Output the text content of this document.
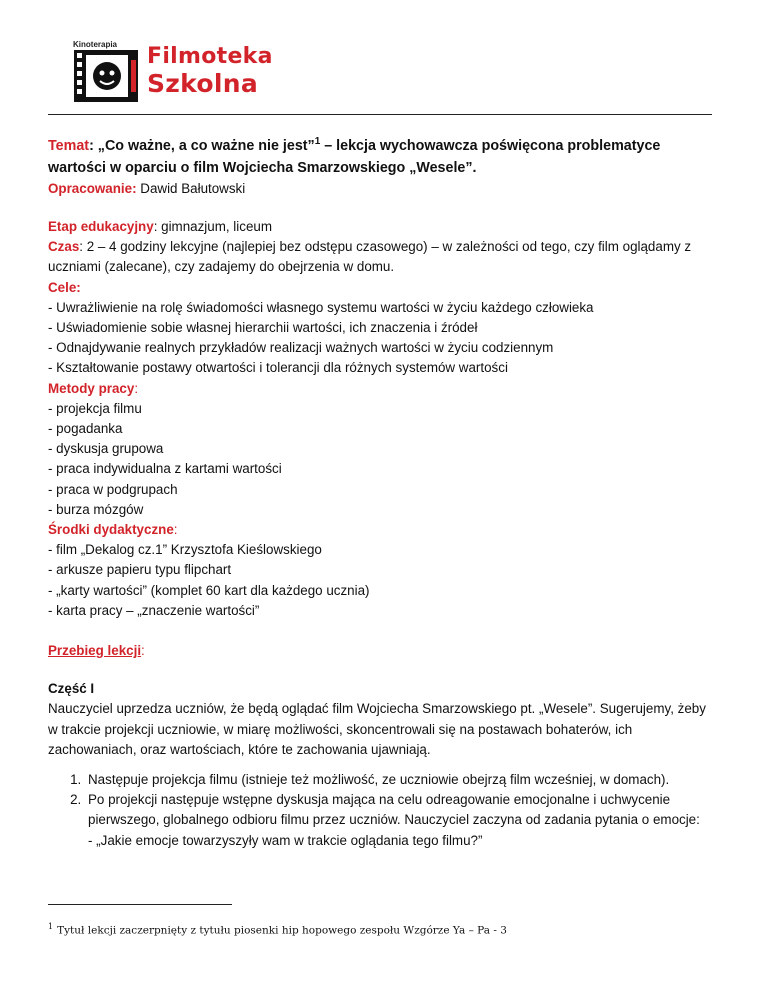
Kinoterapia Filmoteka
Szkolna

Temat: „Co ważne, a co ważne nie jest”$^1$ – lekcja wychowawcza poświęcona problematyce wartości w oparciu o film Wojciecha Smarzowskiego „Wesele”.

Opracowanie: Dawid Bałutowski

Etap edukacyjny: gimnazjum, liceum

Czas: 2 – 4 godziny lekcyjne (najlepiej bez odstępu czasowego) – w zależności od tego, czy film oglądamy z uczniami (zalecane), czy zadajemy do obejrzenia w domu.

Cele:

- Uwrażliwienie na rolę świadomości własnego systemu wartości w życiu każdego człowieka

- Uświadomienie sobie własnej hierarchii wartości, ich znaczenia i źródeł

- Odnajdywanie realnych przykładów realizacji ważnych wartości w życiu codziennym

- Kształtowanie postawy otwartości i tolerancji dla różnych systemów wartości

Metody pracy:

- projekcja filmu

- pogadanka

- dyskusja grupowa

- praca indywidualna z kartami wartości

- praca w podgrupach

- burza mózgów

Środki dydaktyczne:

- film „Dekalog cz.1” Krzysztofa Kieślowskiego

- arkusze papieru typu flipchart

- „karty wartości” (komplet 60 kart dla każdego ucznia)

- karta pracy – „znaczenie wartości”

Przebieg lekcji:

Część I

Nauczyciel uprzedza uczniów, że będą oglądać film Wojciecha Smarzowskiego pt. „Wesele”. Sugerujemy, żeby w trakcie projekcji uczniowie, w miarę możliwości, skoncentrowali się na postawach bohaterów, ich zachowaniach, oraz wartościach, które te zachowania ujawniają.

1. Następuje projekcja filmu (istnieje też możliwość, ze uczniowie obejrzą film wcześniej, w domach).
2. Po projekcji następuje wstępne dyskusja mająca na celu odreagowanie emocjonalne i uchwycenie pierwszego, globalnego odbioru filmu przez uczniów. Nauczyciel zaczyna od zadania pytania o emocje:
- „Jakie emocje towarzyszyły wam w trakcie oglądania tego filmu?”
$^1$ Tytuł lekcji zaczerpnięty z tytułu piosenki hip hopowego zespołu Wzgórze Ya – Pa - 3
